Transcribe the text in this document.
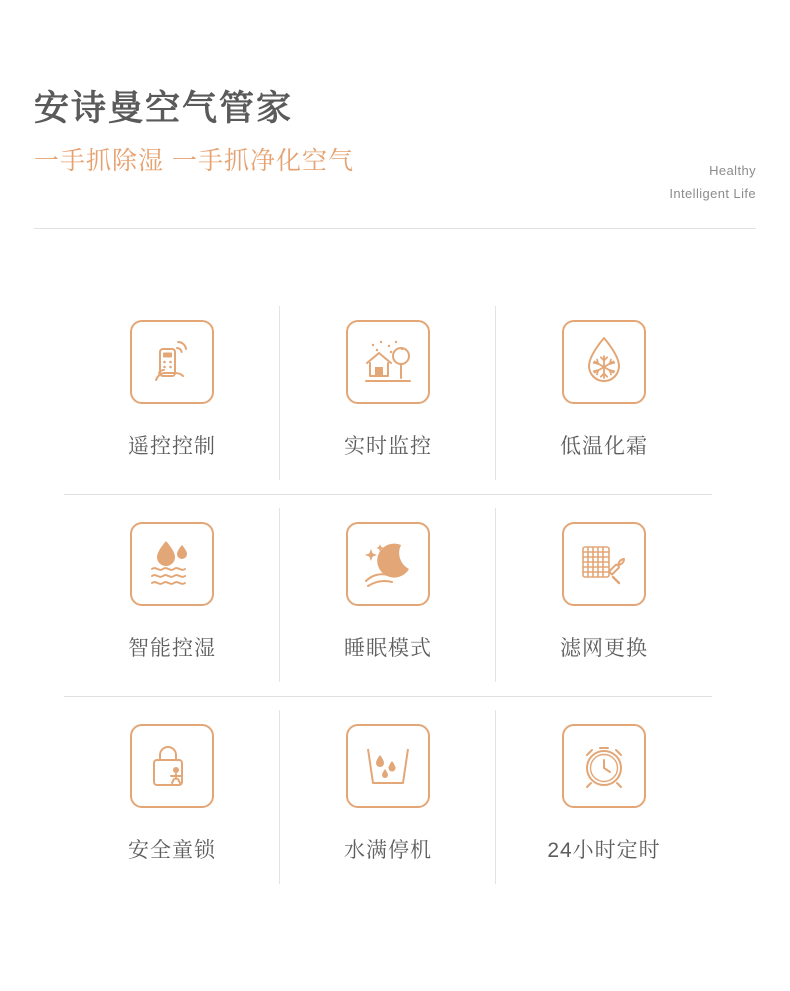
安诗曼空气管家

一手抓除湿 一手抓净化空气	Healthy
Intelligent Life
遥控控制	实时监控	低温化霜
智能控湿	睡眠模式	滤网更换
安全童锁	水满停机	24小时定时
